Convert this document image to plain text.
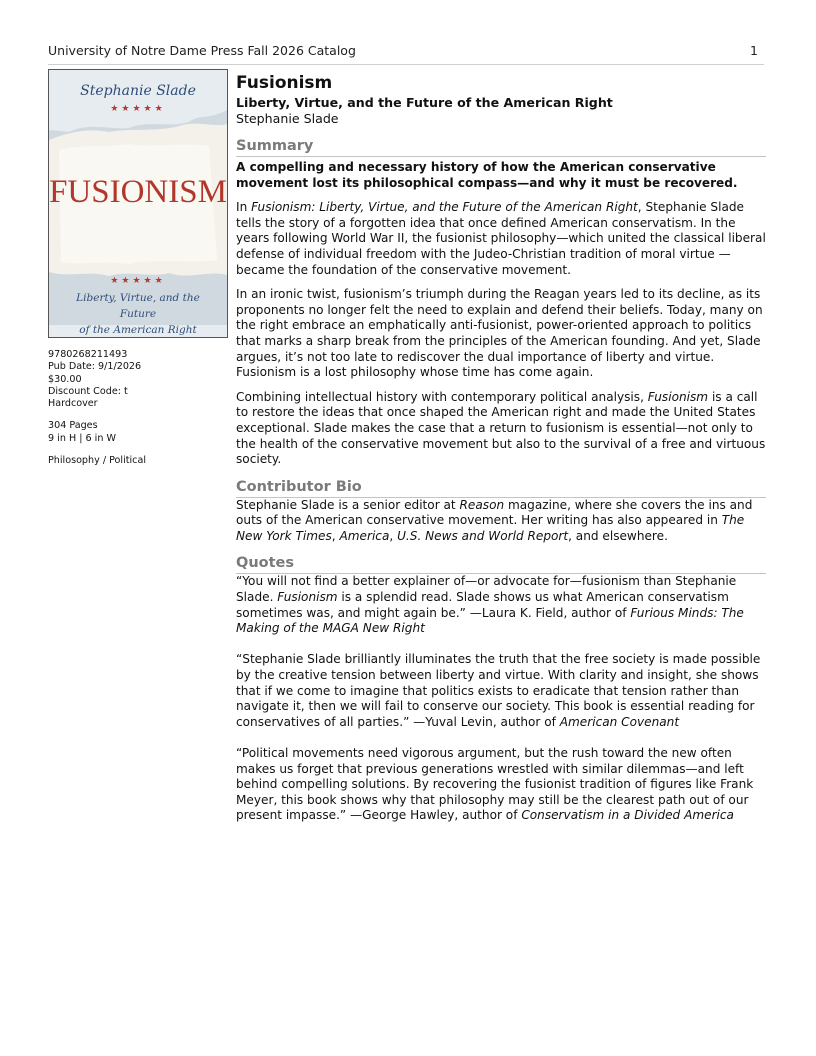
University of Notre Dame Press Fall 2026 Catalog	1
Stephanie Slade
★★★★★
FUSIONISM
★★★★★
Liberty, Virtue, and the Future
of the American Right
9780268211493
Pub Date: 9/1/2026
$30.00
Discount Code: t
Hardcover
304 Pages
9 in H | 6 in W
Philosophy / Political
Fusionism
Liberty, Virtue, and the Future of the American Right
Stephanie Slade
Summary

A compelling and necessary history of how the American conservative movement lost its philosophical compass—and why it must be recovered.

In Fusionism: Liberty, Virtue, and the Future of the American Right, Stephanie Slade tells the story of a forgotten idea that once defined American conservatism. In the years following World War II, the fusionist philosophy—which united the classical liberal defense of individual freedom with the Judeo-Christian tradition of moral virtue —became the foundation of the conservative movement.

In an ironic twist, fusionism’s triumph during the Reagan years led to its decline, as its proponents no longer felt the need to explain and defend their beliefs. Today, many on the right embrace an emphatically anti-fusionist, power-oriented approach to politics that marks a sharp break from the principles of the American founding. And yet, Slade argues, it’s not too late to rediscover the dual importance of liberty and virtue. Fusionism is a lost philosophy whose time has come again.

Combining intellectual history with contemporary political analysis, Fusionism is a call to restore the ideas that once shaped the American right and made the United States exceptional. Slade makes the case that a return to fusionism is essential—not only to the health of the conservative movement but also to the survival of a free and virtuous society.

Contributor Bio

Stephanie Slade is a senior editor at Reason magazine, where she covers the ins and outs of the American conservative movement. Her writing has also appeared in The New York Times, America, U.S. News and World Report, and elsewhere.

Quotes

“You will not find a better explainer of—or advocate for—fusionism than Stephanie Slade. Fusionism is a splendid read. Slade shows us what American conservatism sometimes was, and might again be.” —Laura K. Field, author of Furious Minds: The Making of the MAGA New Right

“Stephanie Slade brilliantly illuminates the truth that the free society is made possible by the creative tension between liberty and virtue. With clarity and insight, she shows that if we come to imagine that politics exists to eradicate that tension rather than navigate it, then we will fail to conserve our society. This book is essential reading for conservatives of all parties.” —Yuval Levin, author of American Covenant

“Political movements need vigorous argument, but the rush toward the new often makes us forget that previous generations wrestled with similar dilemmas—and left behind compelling solutions. By recovering the fusionist tradition of figures like Frank Meyer, this book shows why that philosophy may still be the clearest path out of our present impasse.” —George Hawley, author of Conservatism in a Divided America
